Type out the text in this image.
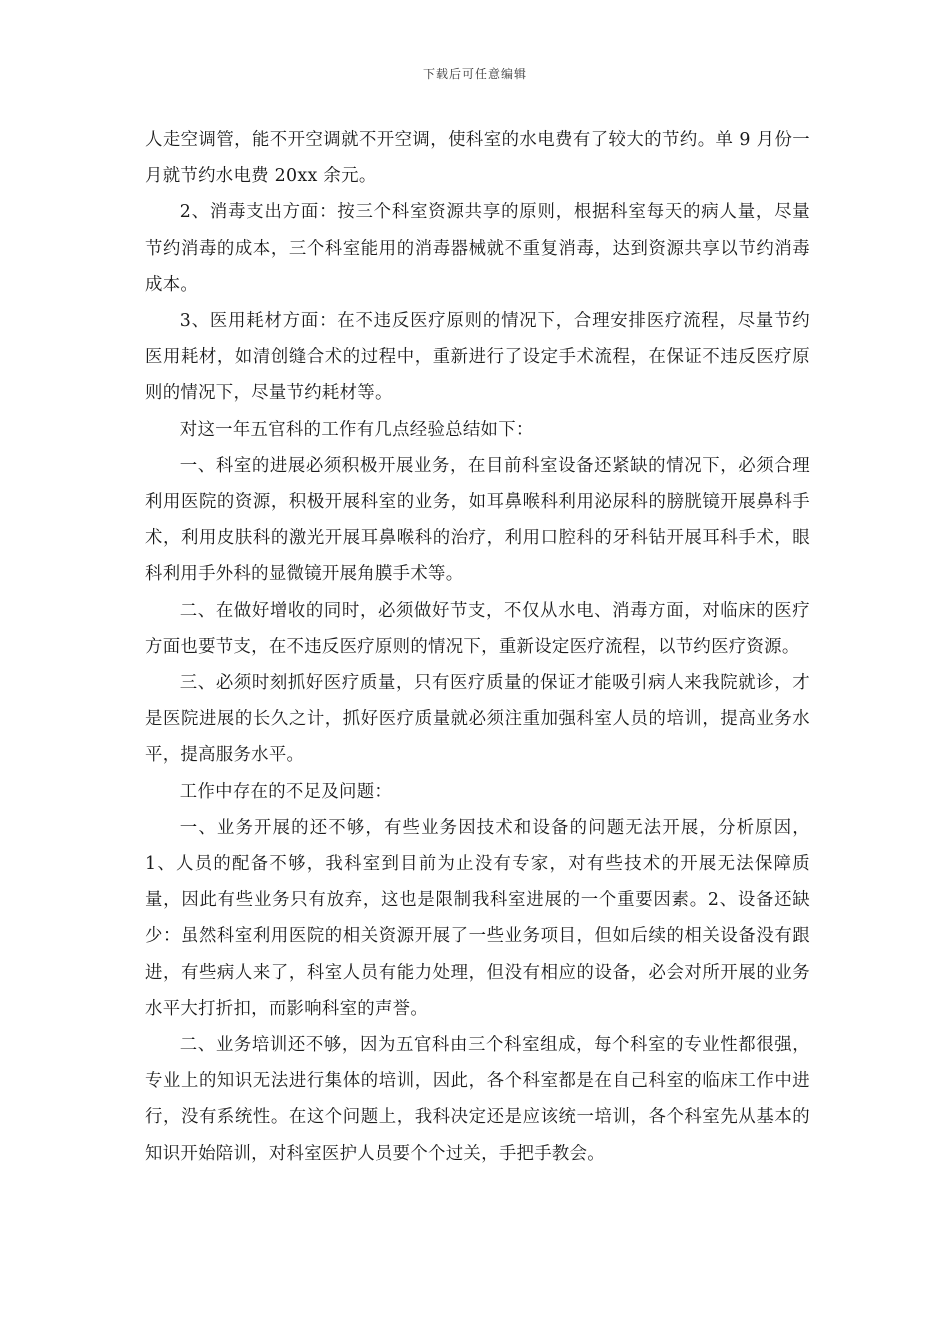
下载后可任意编辑

人走空调管，能不开空调就不开空调，使科室的水电费有了较大的节约。单 9 月份一月就节约水电费 20xx 余元。

2、消毒支出方面：按三个科室资源共享的原则，根据科室每天的病人量，尽量节约消毒的成本，三个科室能用的消毒器械就不重复消毒，达到资源共享以节约消毒成本。

3、医用耗材方面：在不违反医疗原则的情况下，合理安排医疗流程，尽量节约医用耗材，如清创缝合术的过程中，重新进行了设定手术流程，在保证不违反医疗原则的情况下，尽量节约耗材等。

对这一年五官科的工作有几点经验总结如下：

一、科室的进展必须积极开展业务，在目前科室设备还紧缺的情况下，必须合理利用医院的资源，积极开展科室的业务，如耳鼻喉科利用泌尿科的膀胱镜开展鼻科手术，利用皮肤科的激光开展耳鼻喉科的治疗，利用口腔科的牙科钻开展耳科手术，眼科利用手外科的显微镜开展角膜手术等。

二、在做好增收的同时，必须做好节支，不仅从水电、消毒方面，对临床的医疗方面也要节支，在不违反医疗原则的情况下，重新设定医疗流程，以节约医疗资源。

三、必须时刻抓好医疗质量，只有医疗质量的保证才能吸引病人来我院就诊，才是医院进展的长久之计，抓好医疗质量就必须注重加强科室人员的培训，提高业务水平，提高服务水平。

工作中存在的不足及问题：

一、业务开展的还不够，有些业务因技术和设备的问题无法开展，分析原因，1、人员的配备不够，我科室到目前为止没有专家，对有些技术的开展无法保障质量，因此有些业务只有放弃，这也是限制我科室进展的一个重要因素。2、设备还缺少：虽然科室利用医院的相关资源开展了一些业务项目，但如后续的相关设备没有跟进，有些病人来了，科室人员有能力处理，但没有相应的设备，必会对所开展的业务水平大打折扣，而影响科室的声誉。

二、业务培训还不够，因为五官科由三个科室组成，每个科室的专业性都很强，专业上的知识无法进行集体的培训，因此，各个科室都是在自己科室的临床工作中进行，没有系统性。在这个问题上，我科决定还是应该统一培训，各个科室先从基本的知识开始陪训，对科室医护人员要个个过关，手把手教会。
